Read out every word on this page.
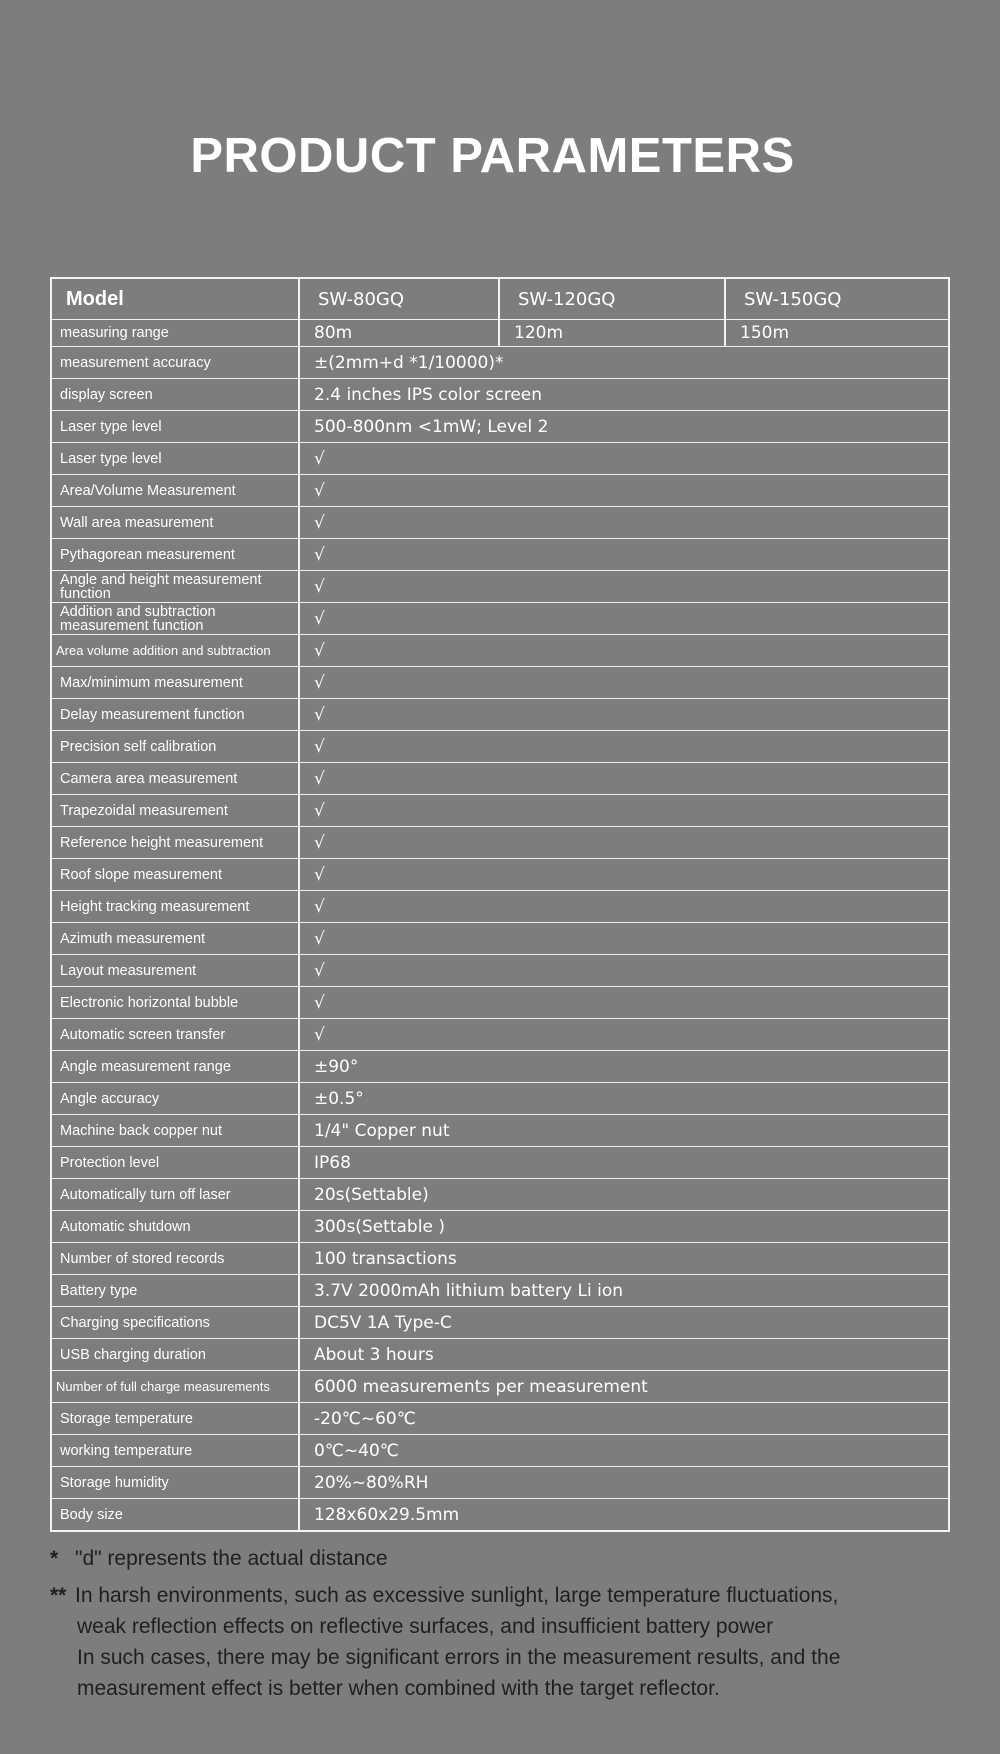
PRODUCT PARAMETERS
Model	SW-80GQ	SW-120GQ	SW-150GQ
measuring range	80m	120m	150m
measurement accuracy	±(2mm+d *1/10000)*
display screen	2.4 inches IPS color screen
Laser type level	500-800nm <1mW; Level 2
Laser type level	√
Area/Volume Measurement	√
Wall area measurement	√
Pythagorean measurement	√
Angle and height measurement function	√
Addition and subtraction measurement function	√
Area volume addition and subtraction	√
Max/minimum measurement	√
Delay measurement function	√
Precision self calibration	√
Camera area measurement	√
Trapezoidal measurement	√
Reference height measurement	√
Roof slope measurement	√
Height tracking measurement	√
Azimuth measurement	√
Layout measurement	√
Electronic horizontal bubble	√
Automatic screen transfer	√
Angle measurement range	±90°
Angle accuracy	±0.5°
Machine back copper nut	1/4" Copper nut
Protection level	IP68
Automatically turn off laser	20s(Settable)
Automatic shutdown	300s(Settable )
Number of stored records	100 transactions
Battery type	3.7V 2000mAh lithium battery Li ion
Charging specifications	DC5V 1A Type-C
USB charging duration	About 3 hours
Number of full charge measurements	6000 measurements per measurement
Storage temperature	-20℃~60℃
working temperature	0℃~40℃
Storage humidity	20%~80%RH
Body size	128x60x29.5mm
* "d" represents the actual distance
** In harsh environments, such as excessive sunlight, large temperature fluctuations,
weak reflection effects on reflective surfaces, and insufficient battery power
In such cases, there may be significant errors in the measurement results, and the
measurement effect is better when combined with the target reflector.
